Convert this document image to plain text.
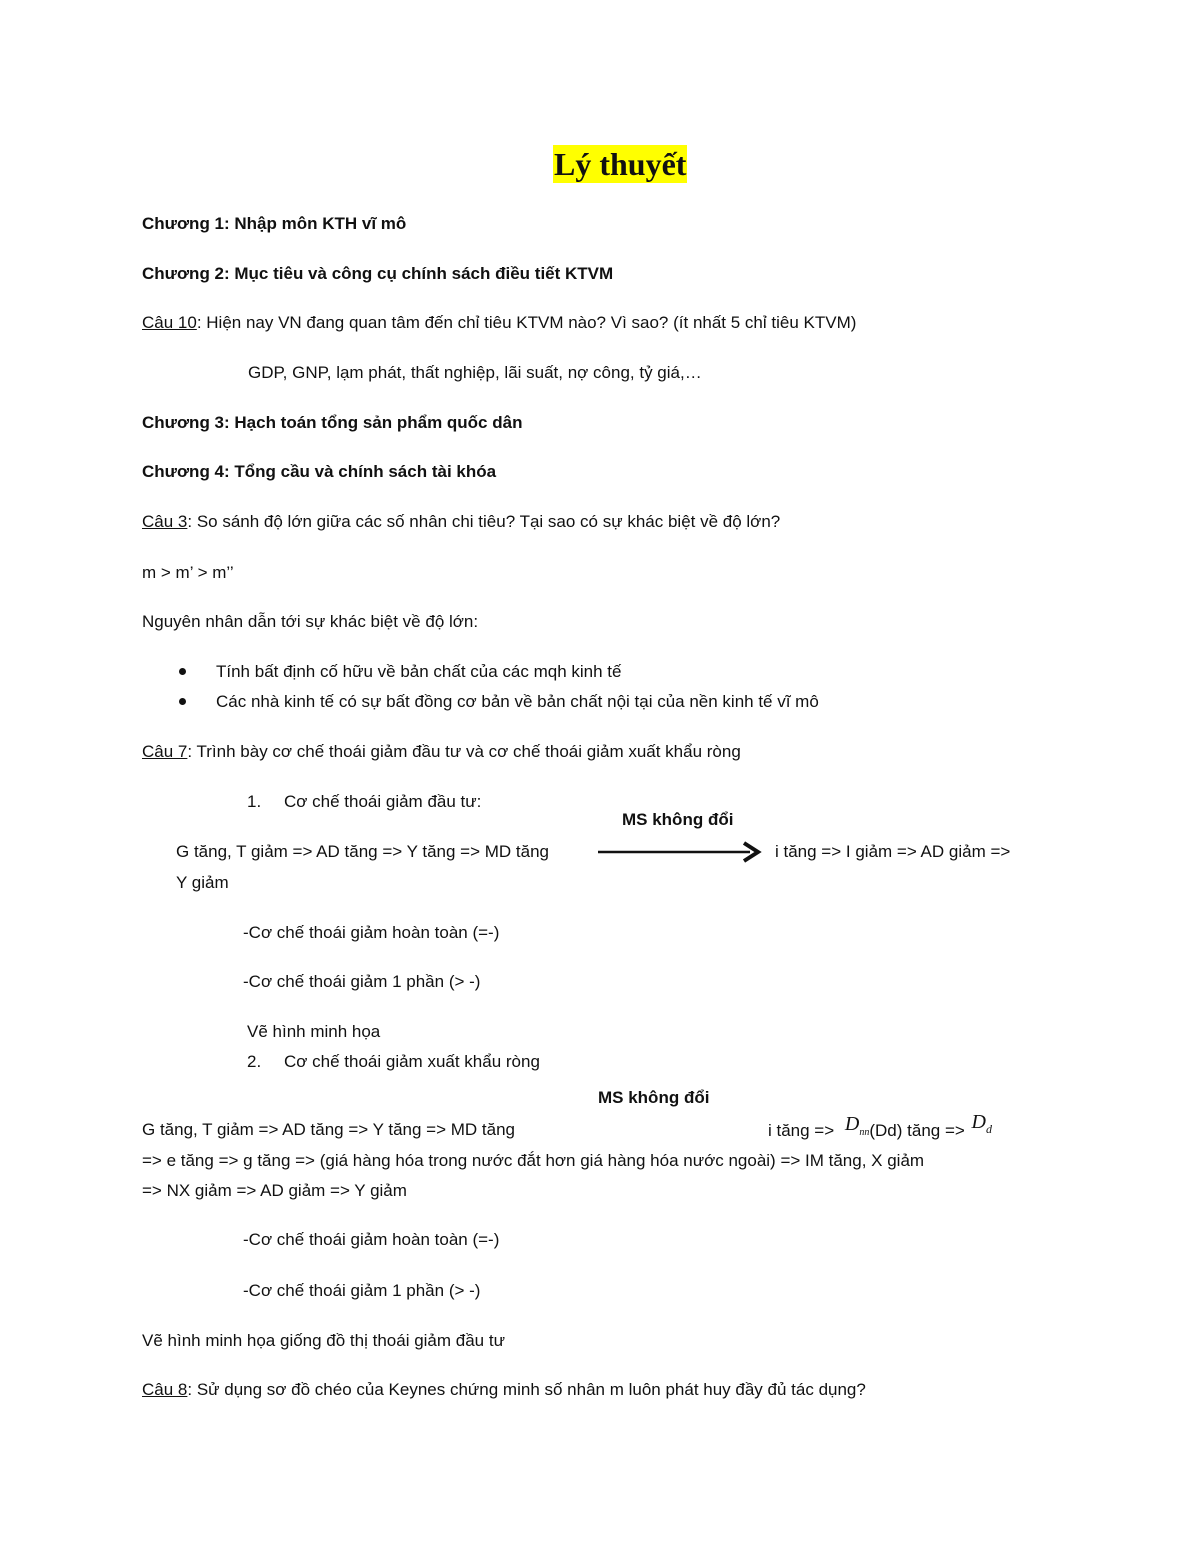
Lý thuyết
Chương 1: Nhập môn KTH vĩ mô
Chương 2: Mục tiêu và công cụ chính sách điều tiết KTVM
Câu 10: Hiện nay VN đang quan tâm đến chỉ tiêu KTVM nào? Vì sao? (ít nhất 5 chỉ tiêu KTVM)
GDP, GNP, lạm phát, thất nghiệp, lãi suất, nợ công, tỷ giá,…
Chương 3: Hạch toán tổng sản phẩm quốc dân
Chương 4: Tổng cầu và chính sách tài khóa
Câu 3: So sánh độ lớn giữa các số nhân chi tiêu? Tại sao có sự khác biệt về độ lớn?
m > m’ > m’’
Nguyên nhân dẫn tới sự khác biệt về độ lớn:
Tính bất định cố hữu về bản chất của các mqh kinh tế
Các nhà kinh tế có sự bất đồng cơ bản về bản chất nội tại của nền kinh tế vĩ mô
Câu 7: Trình bày cơ chế thoái giảm đầu tư và cơ chế thoái giảm xuất khẩu ròng
1. Cơ chế thoái giảm đầu tư:
MS không đổi
G tăng, T giảm => AD tăng => Y tăng => MD tăng	i tăng => I giảm => AD giảm =>
Y giảm
-Cơ chế thoái giảm hoàn toàn (=-)
-Cơ chế thoái giảm 1 phần (> -)
Vẽ hình minh họa
2. Cơ chế thoái giảm xuất khẩu ròng
MS không đổi
G tăng, T giảm => AD tăng => Y tăng => MD tăng	i tăng => $D_{nn}(Dd)$ tăng => $D_d$
=> e tăng => g tăng => (giá hàng hóa trong nước đắt hơn giá hàng hóa nước ngoài) => IM tăng, X giảm
=> NX giảm => AD giảm => Y giảm
-Cơ chế thoái giảm hoàn toàn (=-)
-Cơ chế thoái giảm 1 phần (> -)
Vẽ hình minh họa giống đồ thị thoái giảm đầu tư
Câu 8: Sử dụng sơ đồ chéo của Keynes chứng minh số nhân m luôn phát huy đầy đủ tác dụng?
